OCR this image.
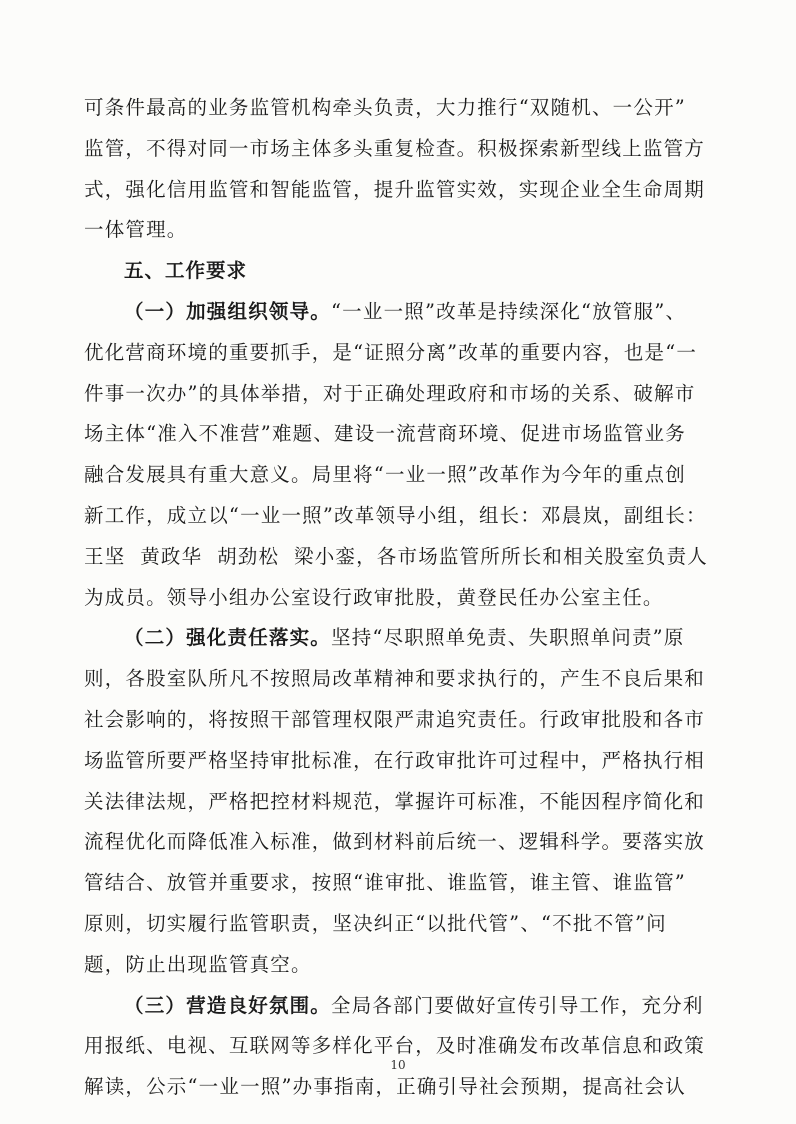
可条件最高的业务监管机构牵头负责，大力推行“双随机、一公开”
监管，不得对同一市场主体多头重复检查。积极探索新型线上监管方
式，强化信用监管和智能监管，提升监管实效，实现企业全生命周期
一体管理。
五、工作要求
（一）加强组织领导。“一业一照”改革是持续深化“放管服”、
优化营商环境的重要抓手，是“证照分离”改革的重要内容，也是“一
件事一次办”的具体举措，对于正确处理政府和市场的关系、破解市
场主体“准入不准营”难题、建设一流营商环境、促进市场监管业务
融合发展具有重大意义。局里将“一业一照”改革作为今年的重点创
新工作，成立以“一业一照”改革领导小组，组长：邓晨岚，副组长：
王坚  黄政华  胡劲松  梁小銮，各市场监管所所长和相关股室负责人
为成员。领导小组办公室设行政审批股，黄登民任办公室主任。
（二）强化责任落实。坚持“尽职照单免责、失职照单问责”原
则，各股室队所凡不按照局改革精神和要求执行的，产生不良后果和
社会影响的，将按照干部管理权限严肃追究责任。行政审批股和各市
场监管所要严格坚持审批标准，在行政审批许可过程中，严格执行相
关法律法规，严格把控材料规范，掌握许可标准，不能因程序简化和
流程优化而降低准入标准，做到材料前后统一、逻辑科学。要落实放
管结合、放管并重要求，按照“谁审批、谁监管，谁主管、谁监管”
原则，切实履行监管职责，坚决纠正“以批代管”、“不批不管”问
题，防止出现监管真空。
10
（三）营造良好氛围。全局各部门要做好宣传引导工作，充分利
用报纸、电视、互联网等多样化平台，及时准确发布改革信息和政策
解读，公示“一业一照”办事指南，正确引导社会预期，提高社会认
